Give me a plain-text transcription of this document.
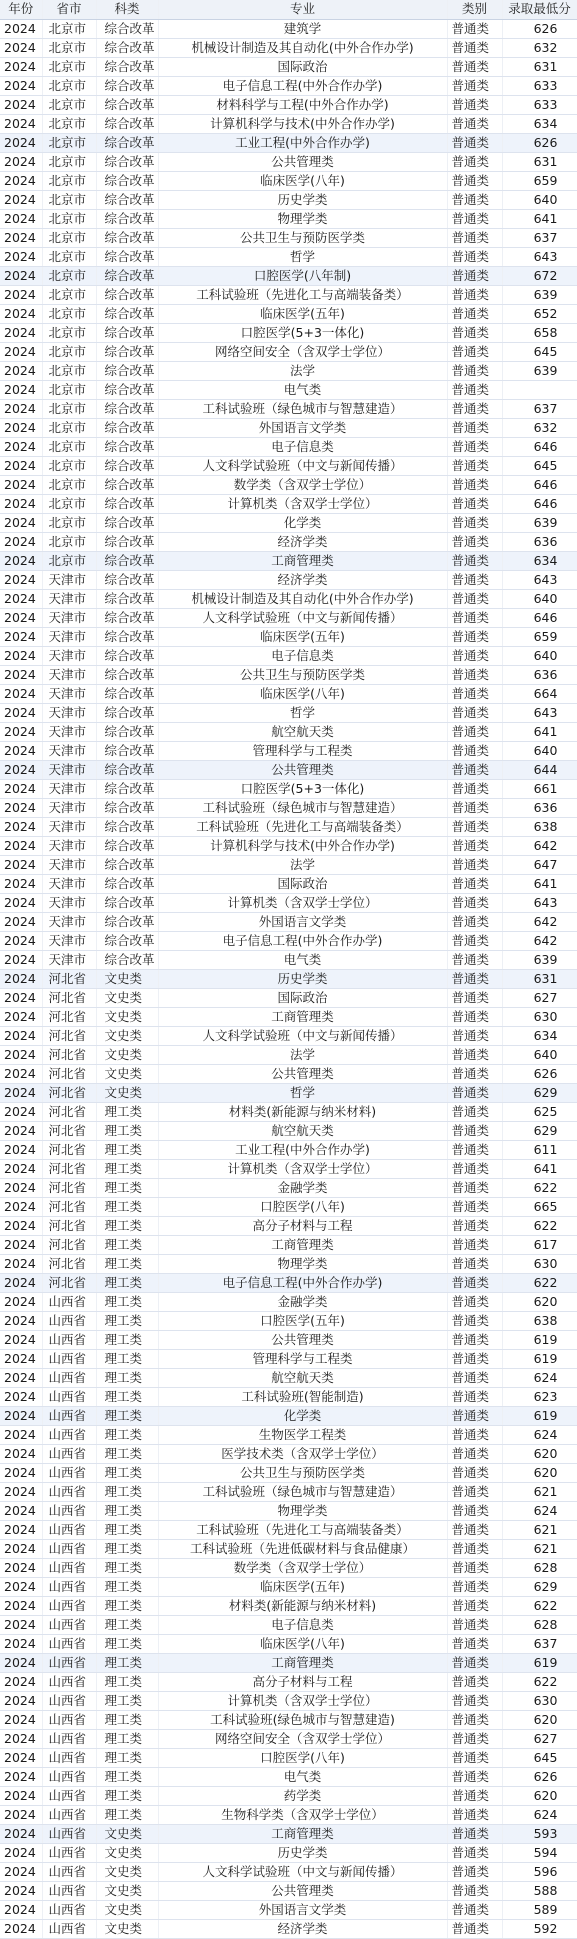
年份	省市	科类	专业	类别	录取最低分
2024	北京市	综合改革	建筑学	普通类	626
2024	北京市	综合改革	机械设计制造及其自动化(中外合作办学)	普通类	632
2024	北京市	综合改革	国际政治	普通类	631
2024	北京市	综合改革	电子信息工程(中外合作办学)	普通类	633
2024	北京市	综合改革	材料科学与工程(中外合作办学)	普通类	633
2024	北京市	综合改革	计算机科学与技术(中外合作办学)	普通类	634
2024	北京市	综合改革	工业工程(中外合作办学)	普通类	626
2024	北京市	综合改革	公共管理类	普通类	631
2024	北京市	综合改革	临床医学(八年)	普通类	659
2024	北京市	综合改革	历史学类	普通类	640
2024	北京市	综合改革	物理学类	普通类	641
2024	北京市	综合改革	公共卫生与预防医学类	普通类	637
2024	北京市	综合改革	哲学	普通类	643
2024	北京市	综合改革	口腔医学(八年制)	普通类	672
2024	北京市	综合改革	工科试验班（先进化工与高端装备类）	普通类	639
2024	北京市	综合改革	临床医学(五年)	普通类	652
2024	北京市	综合改革	口腔医学(5+3一体化)	普通类	658
2024	北京市	综合改革	网络空间安全（含双学士学位）	普通类	645
2024	北京市	综合改革	法学	普通类	639
2024	北京市	综合改革	电气类	普通类	
2024	北京市	综合改革	工科试验班（绿色城市与智慧建造）	普通类	637
2024	北京市	综合改革	外国语言文学类	普通类	632
2024	北京市	综合改革	电子信息类	普通类	646
2024	北京市	综合改革	人文科学试验班（中文与新闻传播）	普通类	645
2024	北京市	综合改革	数学类（含双学士学位）	普通类	646
2024	北京市	综合改革	计算机类（含双学士学位）	普通类	646
2024	北京市	综合改革	化学类	普通类	639
2024	北京市	综合改革	经济学类	普通类	636
2024	北京市	综合改革	工商管理类	普通类	634
2024	天津市	综合改革	经济学类	普通类	643
2024	天津市	综合改革	机械设计制造及其自动化(中外合作办学)	普通类	640
2024	天津市	综合改革	人文科学试验班（中文与新闻传播）	普通类	646
2024	天津市	综合改革	临床医学(五年)	普通类	659
2024	天津市	综合改革	电子信息类	普通类	640
2024	天津市	综合改革	公共卫生与预防医学类	普通类	636
2024	天津市	综合改革	临床医学(八年)	普通类	664
2024	天津市	综合改革	哲学	普通类	643
2024	天津市	综合改革	航空航天类	普通类	641
2024	天津市	综合改革	管理科学与工程类	普通类	640
2024	天津市	综合改革	公共管理类	普通类	644
2024	天津市	综合改革	口腔医学(5+3一体化)	普通类	661
2024	天津市	综合改革	工科试验班（绿色城市与智慧建造）	普通类	636
2024	天津市	综合改革	工科试验班（先进化工与高端装备类）	普通类	638
2024	天津市	综合改革	计算机科学与技术(中外合作办学)	普通类	642
2024	天津市	综合改革	法学	普通类	647
2024	天津市	综合改革	国际政治	普通类	641
2024	天津市	综合改革	计算机类（含双学士学位）	普通类	643
2024	天津市	综合改革	外国语言文学类	普通类	642
2024	天津市	综合改革	电子信息工程(中外合作办学)	普通类	642
2024	天津市	综合改革	电气类	普通类	639
2024	河北省	文史类	历史学类	普通类	631
2024	河北省	文史类	国际政治	普通类	627
2024	河北省	文史类	工商管理类	普通类	630
2024	河北省	文史类	人文科学试验班（中文与新闻传播）	普通类	634
2024	河北省	文史类	法学	普通类	640
2024	河北省	文史类	公共管理类	普通类	626
2024	河北省	文史类	哲学	普通类	629
2024	河北省	理工类	材料类(新能源与纳米材料)	普通类	625
2024	河北省	理工类	航空航天类	普通类	629
2024	河北省	理工类	工业工程(中外合作办学)	普通类	611
2024	河北省	理工类	计算机类（含双学士学位）	普通类	641
2024	河北省	理工类	金融学类	普通类	622
2024	河北省	理工类	口腔医学(八年)	普通类	665
2024	河北省	理工类	高分子材料与工程	普通类	622
2024	河北省	理工类	工商管理类	普通类	617
2024	河北省	理工类	物理学类	普通类	630
2024	河北省	理工类	电子信息工程(中外合作办学)	普通类	622
2024	山西省	理工类	金融学类	普通类	620
2024	山西省	理工类	口腔医学(五年)	普通类	638
2024	山西省	理工类	公共管理类	普通类	619
2024	山西省	理工类	管理科学与工程类	普通类	619
2024	山西省	理工类	航空航天类	普通类	624
2024	山西省	理工类	工科试验班(智能制造)	普通类	623
2024	山西省	理工类	化学类	普通类	619
2024	山西省	理工类	生物医学工程类	普通类	624
2024	山西省	理工类	医学技术类（含双学士学位）	普通类	620
2024	山西省	理工类	公共卫生与预防医学类	普通类	620
2024	山西省	理工类	工科试验班（绿色城市与智慧建造）	普通类	621
2024	山西省	理工类	物理学类	普通类	624
2024	山西省	理工类	工科试验班（先进化工与高端装备类）	普通类	621
2024	山西省	理工类	工科试验班（先进低碳材料与食品健康）	普通类	621
2024	山西省	理工类	数学类（含双学士学位）	普通类	628
2024	山西省	理工类	临床医学(五年)	普通类	629
2024	山西省	理工类	材料类(新能源与纳米材料)	普通类	622
2024	山西省	理工类	电子信息类	普通类	628
2024	山西省	理工类	临床医学(八年)	普通类	637
2024	山西省	理工类	工商管理类	普通类	619
2024	山西省	理工类	高分子材料与工程	普通类	622
2024	山西省	理工类	计算机类（含双学士学位）	普通类	630
2024	山西省	理工类	工科试验班(绿色城市与智慧建造)	普通类	620
2024	山西省	理工类	网络空间安全（含双学士学位）	普通类	627
2024	山西省	理工类	口腔医学(八年)	普通类	645
2024	山西省	理工类	电气类	普通类	626
2024	山西省	理工类	药学类	普通类	620
2024	山西省	理工类	生物科学类（含双学士学位）	普通类	624
2024	山西省	文史类	工商管理类	普通类	593
2024	山西省	文史类	历史学类	普通类	594
2024	山西省	文史类	人文科学试验班（中文与新闻传播）	普通类	596
2024	山西省	文史类	公共管理类	普通类	588
2024	山西省	文史类	外国语言文学类	普通类	589
2024	山西省	文史类	经济学类	普通类	592
